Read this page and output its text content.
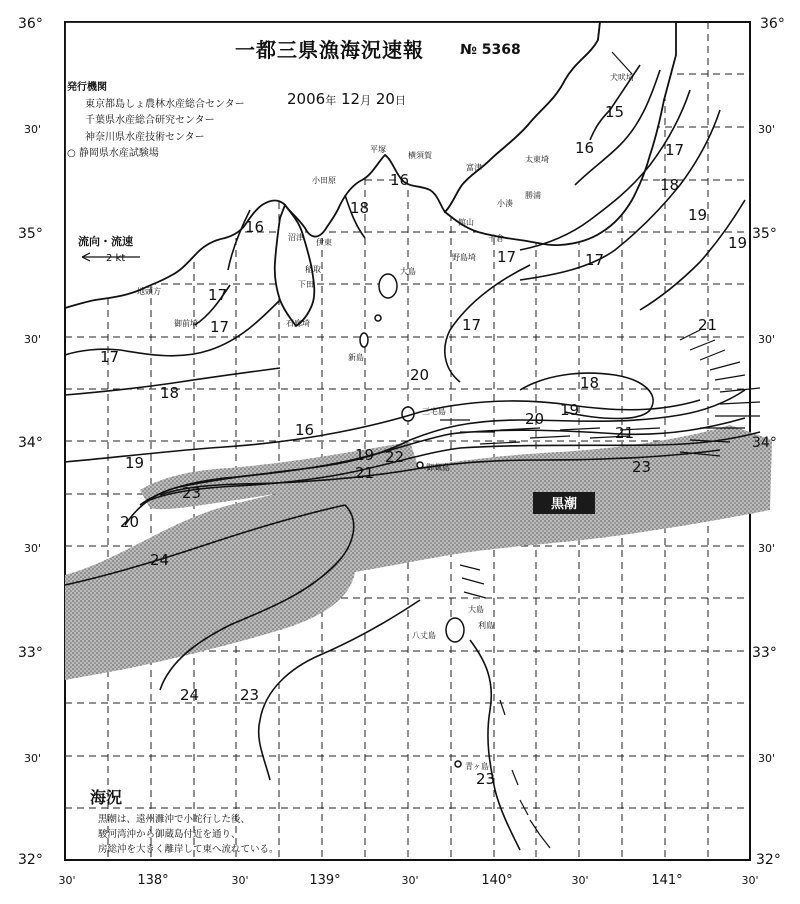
15
16	17
18
19
19
17
16
18
17
17
17
17
17
18
19
20	18
19
20
21
21
19 22
21
23
20
23
24
24	23
23
16
16
36°
30'
35°
30'
34°
30'
33°
30'
32°
36°
30'
35°
30'
34°
30'
33°
30'
32°
30'	138°	30'	139°	30'	140°	30'	141°	30'
黒潮
犬吠埼
平塚
横須賀
富津
小田原
小湊
勝浦
太東埼
館山
千倉
野島埼
沼津
伊東
稲取	大島
下田
御前埼	石廊埼
新島
三宅島
御蔵島
八丈島
青ヶ島
大島
利島
地頭方
一都三県漁海況速報	№ 5368
2006年 12月 20日
発行機関
東京都島しょ農林水産総合センター
千葉県水産総合研究センター
神奈川県水産技術センター
○ 静岡県水産試験場
流向・流速
2 kt
海況
黒潮は、遠州灘沖で小蛇行した後、
駿河湾沖から御蔵島付近を通り、
房総沖を大きく離岸して東へ流れている。
